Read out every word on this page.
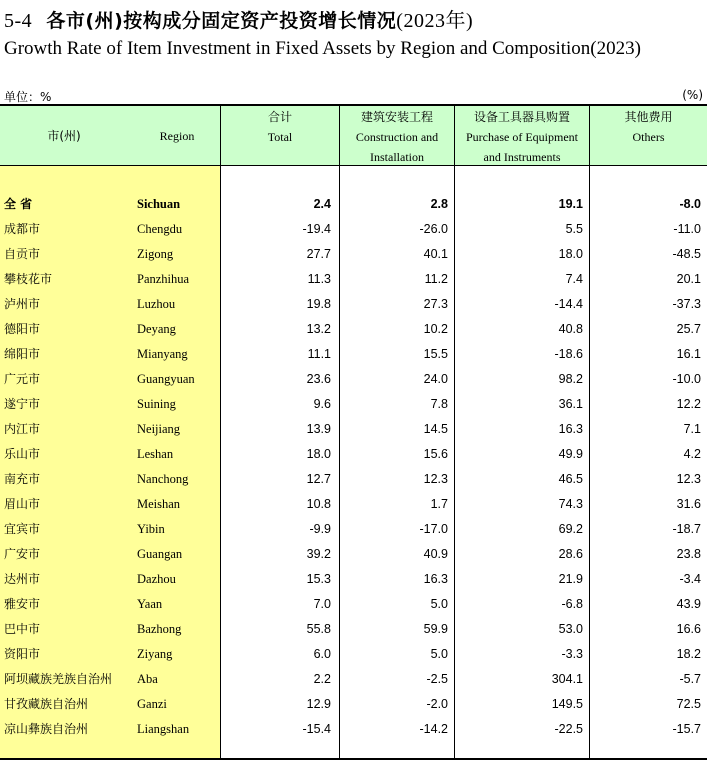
5-4 各市(州)按构成分固定资产投资增长情况(2023年)
Growth Rate of Item Investment in Fixed Assets by Region and Composition(2023)
单位：%	(%)
市(州)	Region
合计
Total
建筑安装工程
Construction and
Installation
设备工具器具购置
Purchase of Equipment
and Instruments
其他费用
Others
全 省	Sichuan	2.4	2.8	19.1	-8.0
成都市	Chengdu	-19.4	-26.0	5.5	-11.0
自贡市	Zigong	27.7	40.1	18.0	-48.5
攀枝花市	Panzhihua	11.3	11.2	7.4	20.1
泸州市	Luzhou	19.8	27.3	-14.4	-37.3
德阳市	Deyang	13.2	10.2	40.8	25.7
绵阳市	Mianyang	11.1	15.5	-18.6	16.1
广元市	Guangyuan	23.6	24.0	98.2	-10.0
遂宁市	Suining	9.6	7.8	36.1	12.2
内江市	Neijiang	13.9	14.5	16.3	7.1
乐山市	Leshan	18.0	15.6	49.9	4.2
南充市	Nanchong	12.7	12.3	46.5	12.3
眉山市	Meishan	10.8	1.7	74.3	31.6
宜宾市	Yibin	-9.9	-17.0	69.2	-18.7
广安市	Guangan	39.2	40.9	28.6	23.8
达州市	Dazhou	15.3	16.3	21.9	-3.4
雅安市	Yaan	7.0	5.0	-6.8	43.9
巴中市	Bazhong	55.8	59.9	53.0	16.6
资阳市	Ziyang	6.0	5.0	-3.3	18.2
阿坝藏族羌族自治州 Aba	2.2	-2.5	304.1	-5.7
甘孜藏族自治州	Ganzi	12.9	-2.0	149.5	72.5
凉山彝族自治州	Liangshan	-15.4	-14.2	-22.5	-15.7
